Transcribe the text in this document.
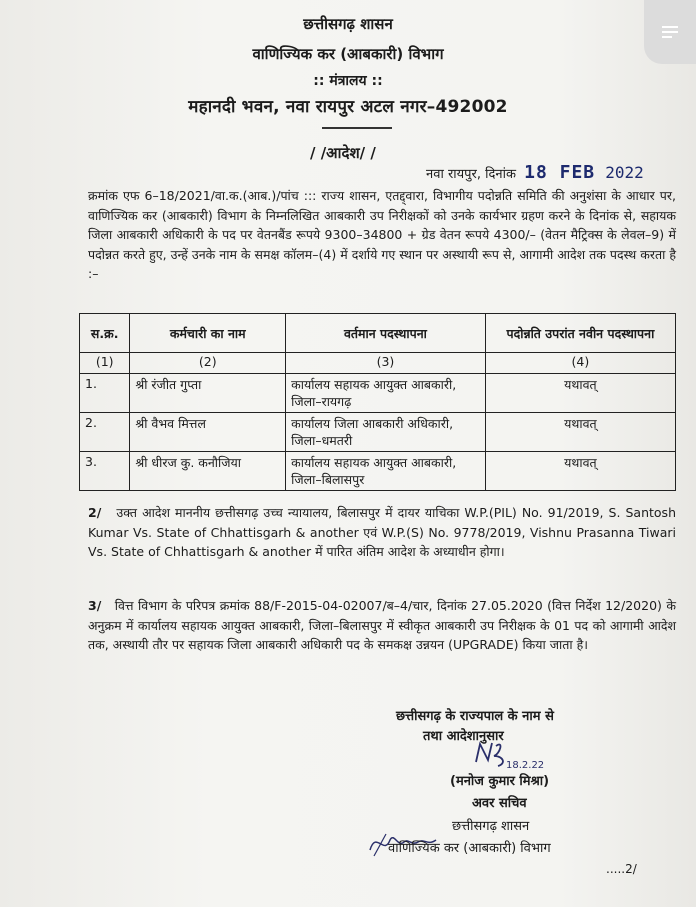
छत्तीसगढ़ शासन
वाणिज्यिक कर (आबकारी) विभाग
:: मंत्रालय ::
महानदी भवन, नवा रायपुर अटल नगर–492002
/ /आदेश/ /
नवा रायपुर, दिनांक 18 FEB 2022
क्रमांक एफ 6–18/2021/वा.क.(आब.)/पांच ::: राज्य शासन, एतद्द्वारा, विभागीय पदोन्नति समिति की अनुशंसा के आधार पर, वाणिज्यिक कर (आबकारी) विभाग के निम्नलिखित आबकारी उप निरीक्षकों को उनके कार्यभार ग्रहण करने के दिनांक से, सहायक जिला आबकारी अधिकारी के पद पर वेतनबैंड रूपये 9300–34800 + ग्रेड वेतन रूपये 4300/– (वेतन मैट्रिक्स के लेवल–9) में पदोन्नत करते हुए, उन्हें उनके नाम के समक्ष कॉलम–(4) में दर्शाये गए स्थान पर अस्थायी रूप से, आगामी आदेश तक पदस्थ करता है :–
स.क्र.	कर्मचारी का नाम	वर्तमान पदस्थापना	पदोन्नति उपरांत नवीन पदस्थापना
(1)	(2)	(3)	(4)
1.	श्री रंजीत गुप्ता	कार्यालय सहायक आयुक्त आबकारी, जिला–रायगढ़	यथावत्
2.	श्री वैभव मित्तल	कार्यालय जिला आबकारी अधिकारी, जिला–धमतरी	यथावत्
3.	श्री धीरज कु. कनौजिया	कार्यालय सहायक आयुक्त आबकारी, जिला–बिलासपुर	यथावत्
2/ उक्त आदेश माननीय छत्तीसगढ़ उच्च न्यायालय, बिलासपुर में दायर याचिका W.P.(PIL) No. 91/2019, S. Santosh Kumar Vs. State of Chhattisgarh & another एवं W.P.(S) No. 9778/2019, Vishnu Prasanna Tiwari Vs. State of Chhattisgarh & another में पारित अंतिम आदेश के अध्याधीन होगा।
3/ वित्त विभाग के परिपत्र क्रमांक 88/F-2015-04-02007/ब–4/चार, दिनांक 27.05.2020 (वित्त निर्देश 12/2020) के अनुक्रम में कार्यालय सहायक आयुक्त आबकारी, जिला–बिलासपुर में स्वीकृत आबकारी उप निरीक्षक के 01 पद को आगामी आदेश तक, अस्थायी तौर पर सहायक जिला आबकारी अधिकारी पद के समकक्ष उन्नयन (UPGRADE) किया जाता है।
छत्तीसगढ़ के राज्यपाल के नाम से
तथा आदेशानुसार
18.2.22
(मनोज कुमार मिश्रा)
अवर सचिव
छत्तीसगढ़ शासन
वाणिज्यिक कर (आबकारी) विभाग
.....2/
